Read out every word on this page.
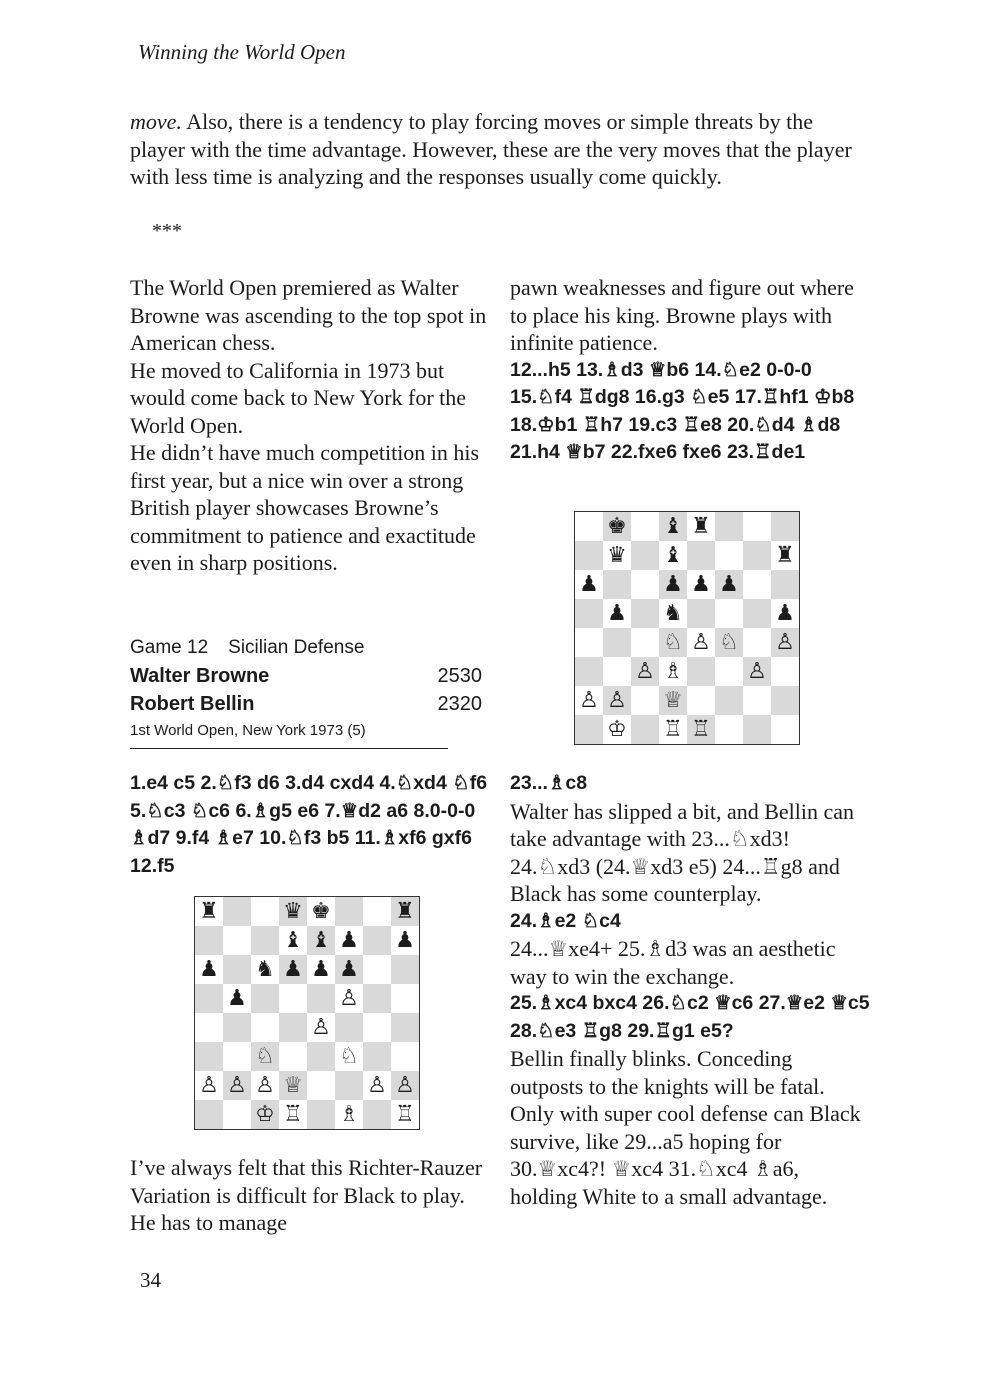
Winning the World Open

move. Also, there is a tendency to play forcing moves or simple threats by the player with the time advantage. However, these are the very moves that the player with less time is analyzing and the responses usually come quickly.

***

The World Open premiered as Walter Browne was ascending to the top spot in American chess.

He moved to California in 1973 but would come back to New York for the World Open.

He didn’t have much competition in his first year, but a nice win over a strong British player showcases Browne’s commitment to patience and exactitude even in sharp positions.

Game 12 Sicilian Defense
Walter Browne	2530
Robert Bellin	2320
1st World Open, New York 1973 (5)
1.e4 c5 2.♘f3 d6 3.d4 cxd4 4.♘xd4 ♘f6 5.♘c3 ♘c6 6.♗g5 e6 7.♕d2 a6 8.0-0-0 ♗d7 9.f4 ♗e7 10.♘f3 b5 11.♗xf6 gxf6 12.f5
♜	♛ ♚	♜
♝ ♝ ♟ ♟
♟ ♞ ♟ ♟ ♟
♟	♙
♙
♘	♘
♙ ♙ ♙ ♕	♙ ♙
♔ ♖ ♗ ♖
I’ve always felt that this Richter-Rauzer Variation is difficult for Black to play. He has to manage

pawn weaknesses and figure out where to place his king. Browne plays with infinite patience.

12...h5 13.♗d3 ♕b6 14.♘e2 0-0-0 15.♘f4 ♖dg8 16.g3 ♘e5 17.♖hf1 ♔b8 18.♔b1 ♖h7 19.c3 ♖e8 20.♘d4 ♗d8 21.h4 ♕b7 22.fxe6 fxe6 23.♖de1

♚ ♝ ♜
♛ ♝	♜
♟	♟ ♟ ♟
♟ ♞	♟
♘ ♙ ♘ ♙
♙ ♗	♙
♙ ♙ ♕
♔ ♖ ♖

23...♗c8

Walter has slipped a bit, and Bellin can take advantage with 23...♘xd3! 24.♘xd3 (24.♕xd3 e5) 24...♖g8 and Black has some counterplay.

24.♗e2 ♘c4

24...♕xe4+ 25.♗d3 was an aesthetic way to win the exchange.

25.♗xc4 bxc4 26.♘c2 ♕c6 27.♕e2 ♕c5 28.♘e3 ♖g8 29.♖g1 e5?

Bellin finally blinks. Conceding outposts to the knights will be fatal. Only with super cool defense can Black survive, like 29...a5 hoping for 30.♕xc4?! ♕xc4 31.♘xc4 ♗a6, holding White to a small advantage.

34
